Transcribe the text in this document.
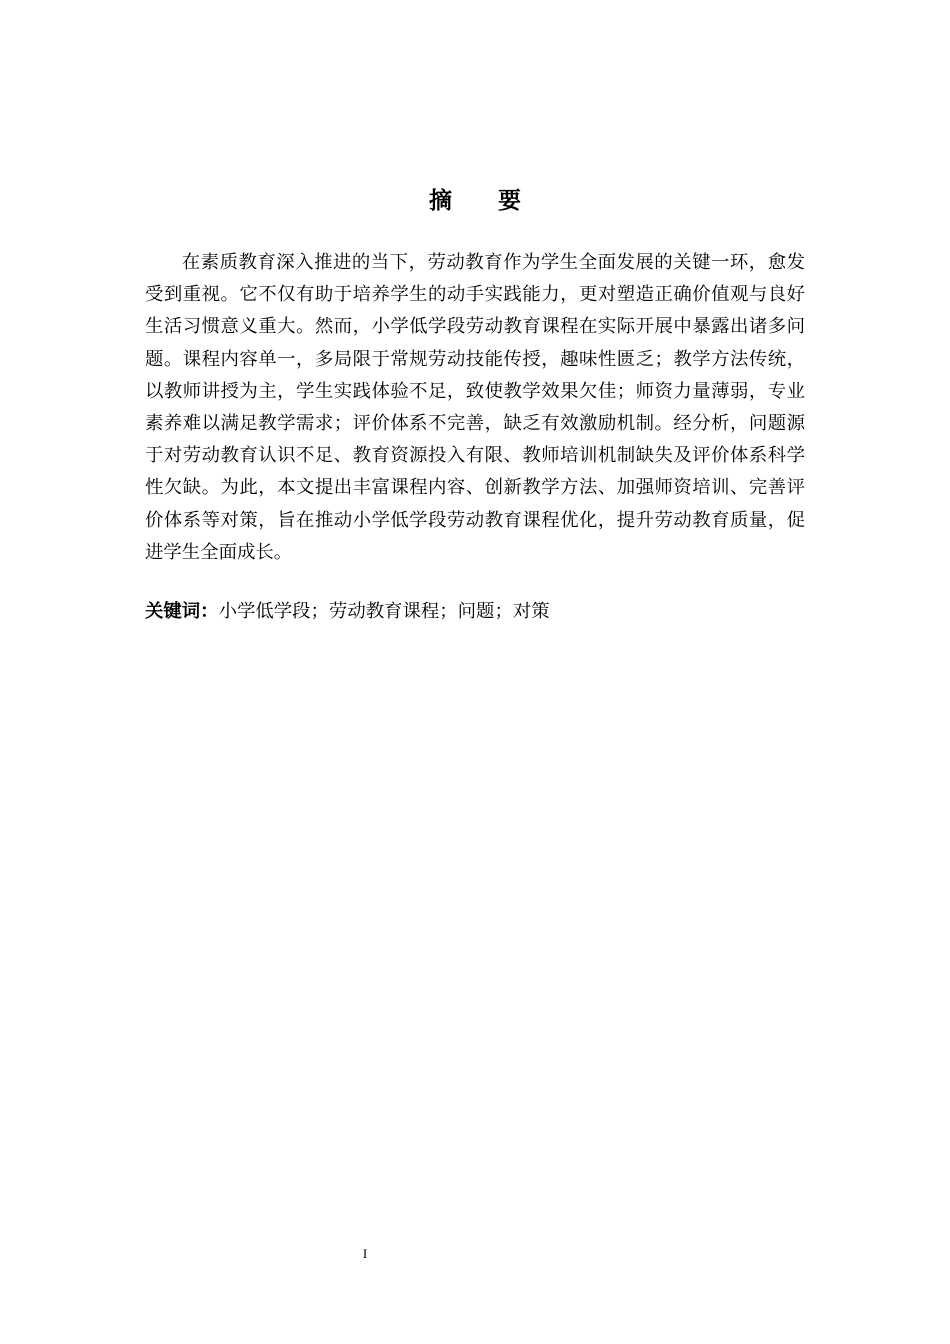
摘 要

在素质教育深入推进的当下，劳动教育作为学生全面发展的关键一环，愈发受到重视。它不仅有助于培养学生的动手实践能力，更对塑造正确价值观与良好生活习惯意义重大。然而，小学低学段劳动教育课程在实际开展中暴露出诸多问题。课程内容单一，多局限于常规劳动技能传授，趣味性匮乏；教学方法传统，以教师讲授为主，学生实践体验不足，致使教学效果欠佳；师资力量薄弱，专业素养难以满足教学需求；评价体系不完善，缺乏有效激励机制。经分析，问题源于对劳动教育认识不足、教育资源投入有限、教师培训机制缺失及评价体系科学性欠缺。为此，本文提出丰富课程内容、创新教学方法、加强师资培训、完善评价体系等对策，旨在推动小学低学段劳动教育课程优化，提升劳动教育质量，促进学生全面成长。

关键词：小学低学段；劳动教育课程；问题；对策

I
